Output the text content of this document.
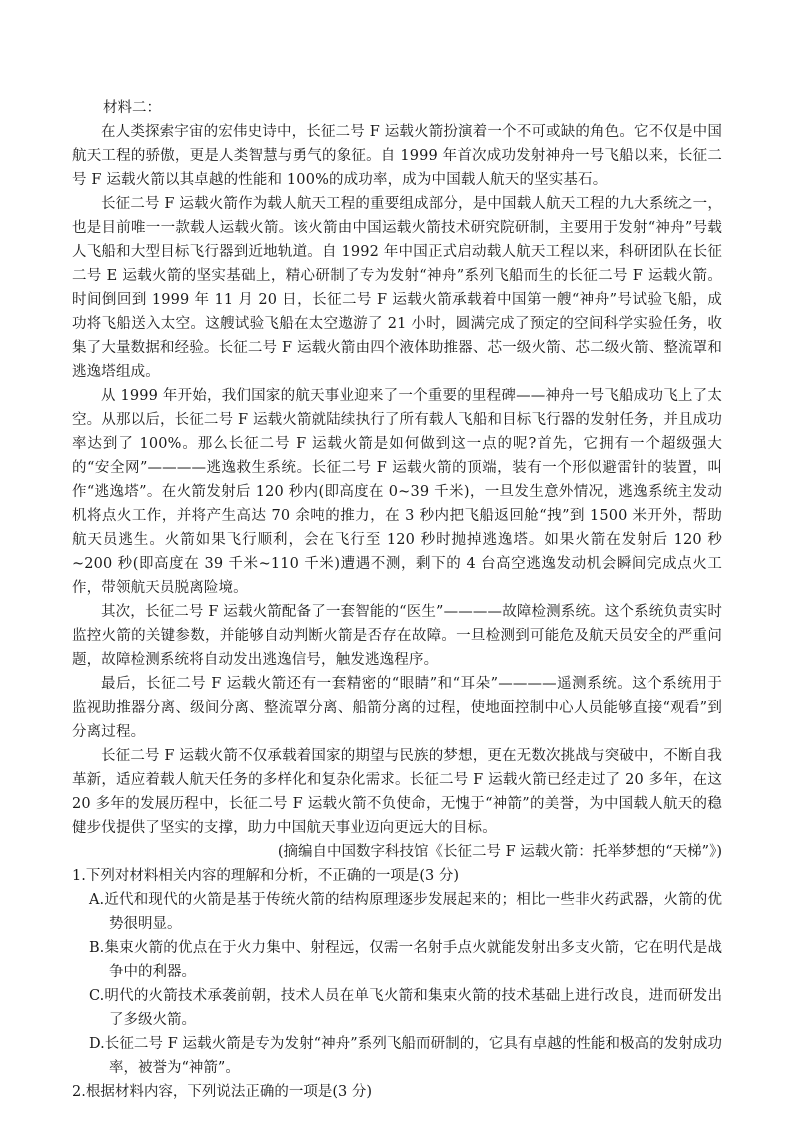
材料二：

在人类探索宇宙的宏伟史诗中，长征二号 F 运载火箭扮演着一个不可或缺的角色。它不仅是中国航天工程的骄傲，更是人类智慧与勇气的象征。自 1999 年首次成功发射神舟一号飞船以来，长征二号 F 运载火箭以其卓越的性能和 100%的成功率，成为中国载人航天的坚实基石。

长征二号 F 运载火箭作为载人航天工程的重要组成部分，是中国载人航天工程的九大系统之一，也是目前唯一一款载人运载火箭。该火箭由中国运载火箭技术研究院研制，主要用于发射“神舟”号载人飞船和大型目标飞行器到近地轨道。自 1992 年中国正式启动载人航天工程以来，科研团队在长征二号 E 运载火箭的坚实基础上，精心研制了专为发射“神舟”系列飞船而生的长征二号 F 运载火箭。时间倒回到 1999 年 11 月 20 日，长征二号 F 运载火箭承载着中国第一艘“神舟”号试验飞船，成功将飞船送入太空。这艘试验飞船在太空遨游了 21 小时，圆满完成了预定的空间科学实验任务，收集了大量数据和经验。长征二号 F 运载火箭由四个液体助推器、芯一级火箭、芯二级火箭、整流罩和逃逸塔组成。

从 1999 年开始，我们国家的航天事业迎来了一个重要的里程碑——神舟一号飞船成功飞上了太空。从那以后，长征二号 F 运载火箭就陆续执行了所有载人飞船和目标飞行器的发射任务，并且成功率达到了 100%。那么长征二号 F 运载火箭是如何做到这一点的呢?首先，它拥有一个超级强大的“安全网”————逃逸救生系统。长征二号 F 运载火箭的顶端，装有一个形似避雷针的装置，叫作“逃逸塔”。在火箭发射后 120 秒内(即高度在 0~39 千米)，一旦发生意外情况，逃逸系统主发动机将点火工作，并将产生高达 70 余吨的推力，在 3 秒内把飞船返回舱“拽”到 1500 米开外，帮助航天员逃生。火箭如果飞行顺利，会在飞行至 120 秒时抛掉逃逸塔。如果火箭在发射后 120 秒~200 秒(即高度在 39 千米~110 千米)遭遇不测，剩下的 4 台高空逃逸发动机会瞬间完成点火工作，带领航天员脱离险境。

其次，长征二号 F 运载火箭配备了一套智能的“医生”————故障检测系统。这个系统负责实时监控火箭的关键参数，并能够自动判断火箭是否存在故障。一旦检测到可能危及航天员安全的严重问题，故障检测系统将自动发出逃逸信号，触发逃逸程序。

最后，长征二号 F 运载火箭还有一套精密的“眼睛”和“耳朵”————遥测系统。这个系统用于监视助推器分离、级间分离、整流罩分离、船箭分离的过程，使地面控制中心人员能够直接“观看”到分离过程。

长征二号 F 运载火箭不仅承载着国家的期望与民族的梦想，更在无数次挑战与突破中，不断自我革新，适应着载人航天任务的多样化和复杂化需求。长征二号 F 运载火箭已经走过了 20 多年，在这 20 多年的发展历程中，长征二号 F 运载火箭不负使命，无愧于“神箭”的美誉，为中国载人航天的稳健步伐提供了坚实的支撑，助力中国航天事业迈向更远大的目标。

(摘编自中国数字科技馆《长征二号 F 运载火箭：托举梦想的“天梯”》)

1.下列对材料相关内容的理解和分析，不正确的一项是(3 分)

A.近代和现代的火箭是基于传统火箭的结构原理逐步发展起来的；相比一些非火药武器，火箭的优势很明显。

B.集束火箭的优点在于火力集中、射程远，仅需一名射手点火就能发射出多支火箭，它在明代是战争中的利器。

C.明代的火箭技术承袭前朝，技术人员在单飞火箭和集束火箭的技术基础上进行改良，进而研发出了多级火箭。

D.长征二号 F 运载火箭是专为发射“神舟”系列飞船而研制的，它具有卓越的性能和极高的发射成功率，被誉为“神箭”。

2.根据材料内容，下列说法正确的一项是(3 分)
